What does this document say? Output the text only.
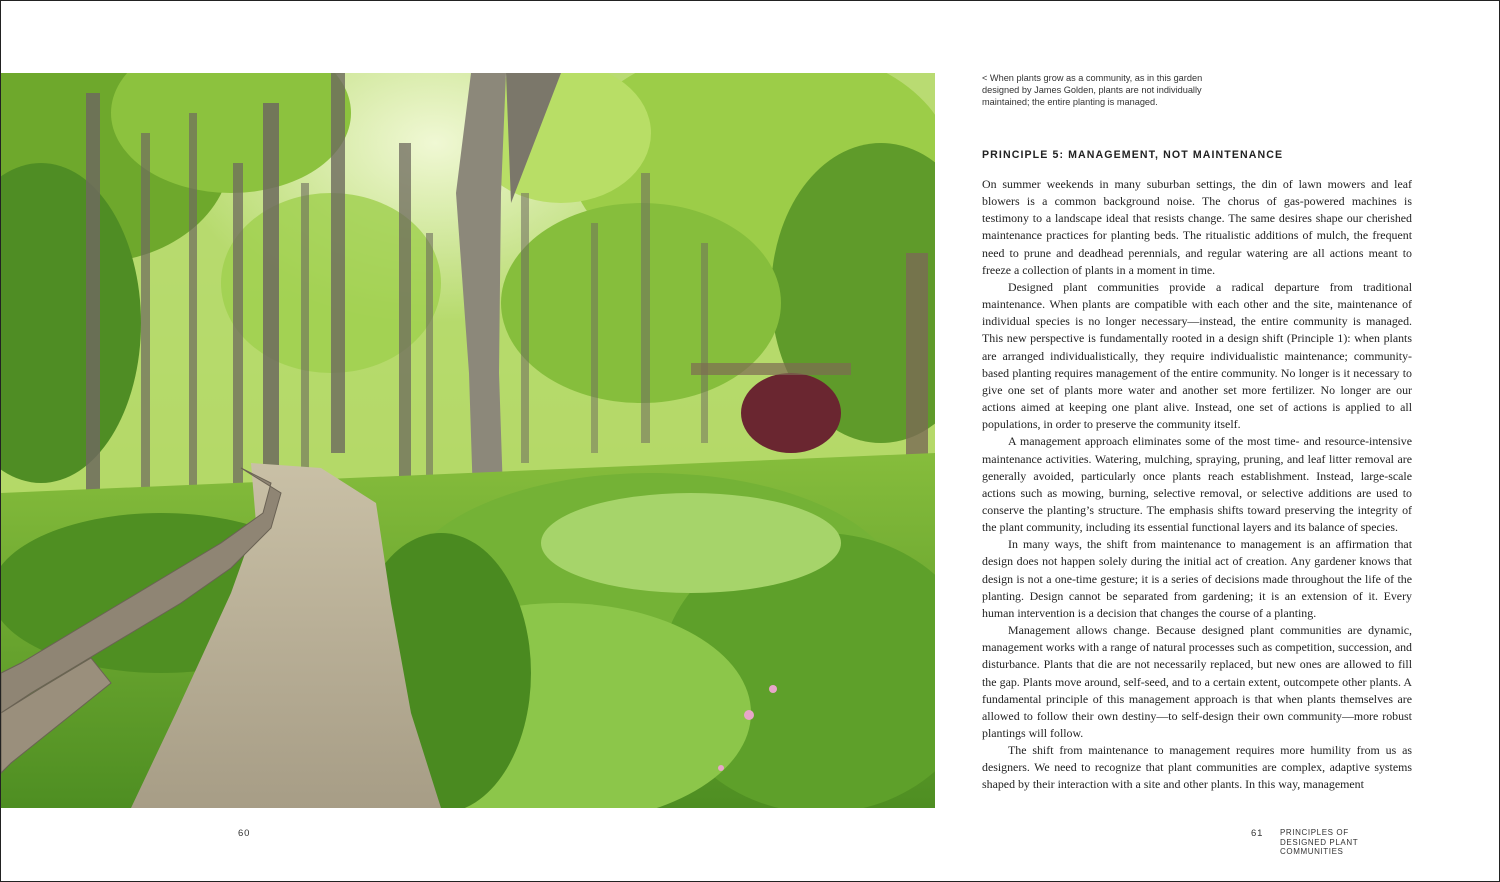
< When plants grow as a community, as in this garden designed by James Golden, plants are not individually maintained; the entire planting is managed.
PRINCIPLE 5: MANAGEMENT, NOT MAINTENANCE

On summer weekends in many suburban settings, the din of lawn mowers and leaf blowers is a common background noise. The chorus of gas-powered machines is testimony to a landscape ideal that resists change. The same desires shape our cherished maintenance practices for planting beds. The ritualistic additions of mulch, the frequent need to prune and deadhead perennials, and regular watering are all actions meant to freeze a collection of plants in a moment in time.

Designed plant communities provide a radical departure from traditional maintenance. When plants are compatible with each other and the site, maintenance of individual species is no longer necessary—instead, the entire community is managed. This new perspective is fundamentally rooted in a design shift (Principle 1): when plants are arranged individualistically, they require individualistic maintenance; community-based planting requires management of the entire community. No longer is it necessary to give one set of plants more water and another set more fertilizer. No longer are our actions aimed at keeping one plant alive. Instead, one set of actions is applied to all populations, in order to preserve the community itself.

A management approach eliminates some of the most time- and resource-intensive maintenance activities. Watering, mulching, spraying, pruning, and leaf litter removal are generally avoided, particularly once plants reach establishment. Instead, large-scale actions such as mowing, burning, selective removal, or selective additions are used to conserve the planting’s structure. The emphasis shifts toward preserving the integrity of the plant community, including its essential functional layers and its balance of species.

In many ways, the shift from maintenance to management is an affirmation that design does not happen solely during the initial act of creation. Any gardener knows that design is not a one-time gesture; it is a series of decisions made throughout the life of the planting. Design cannot be separated from gardening; it is an extension of it. Every human intervention is a decision that changes the course of a planting.

Management allows change. Because designed plant communities are dynamic, management works with a range of natural processes such as competition, succession, and disturbance. Plants that die are not necessarily replaced, but new ones are allowed to fill the gap. Plants move around, self-seed, and to a certain extent, outcompete other plants. A fundamental principle of this management approach is that when plants themselves are allowed to follow their own destiny—to self-design their own community—more robust plantings will follow.

The shift from maintenance to management requires more humility from us as designers. We need to recognize that plant communities are complex, adaptive systems shaped by their interaction with a site and other plants. In this way, management

60	61 PRINCIPLES OF
DESIGNED PLANT
COMMUNITIES
